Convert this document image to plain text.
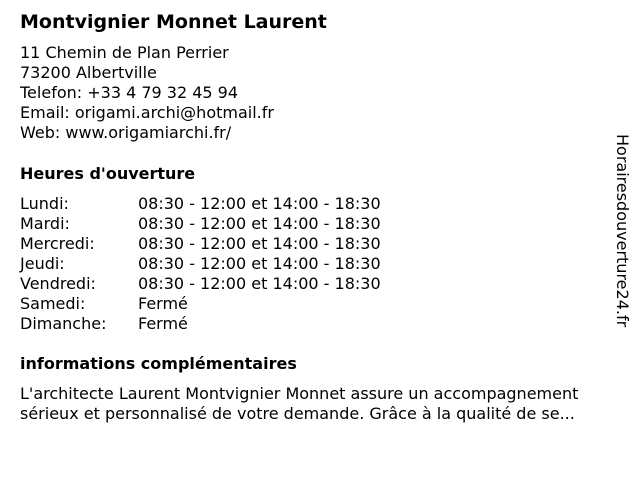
Montvignier Monnet Laurent
11 Chemin de Plan Perrier
73200 Albertville
Telefon: +33 4 79 32 45 94
Email: origami.archi@hotmail.fr
Web: www.origamiarchi.fr/
Heures d'ouverture
Lundi:	08:30 - 12:00 et 14:00 - 18:30
Mardi:	08:30 - 12:00 et 14:00 - 18:30
Mercredi:	08:30 - 12:00 et 14:00 - 18:30
Jeudi:	08:30 - 12:00 et 14:00 - 18:30
Vendredi:	08:30 - 12:00 et 14:00 - 18:30
Samedi:	Fermé
Dimanche: Fermé
informations complémentaires
L'architecte Laurent Montvignier Monnet assure un accompagnement
sérieux et personnalisé de votre demande. Grâce à la qualité de se...
Horairesdouverture24.fr
